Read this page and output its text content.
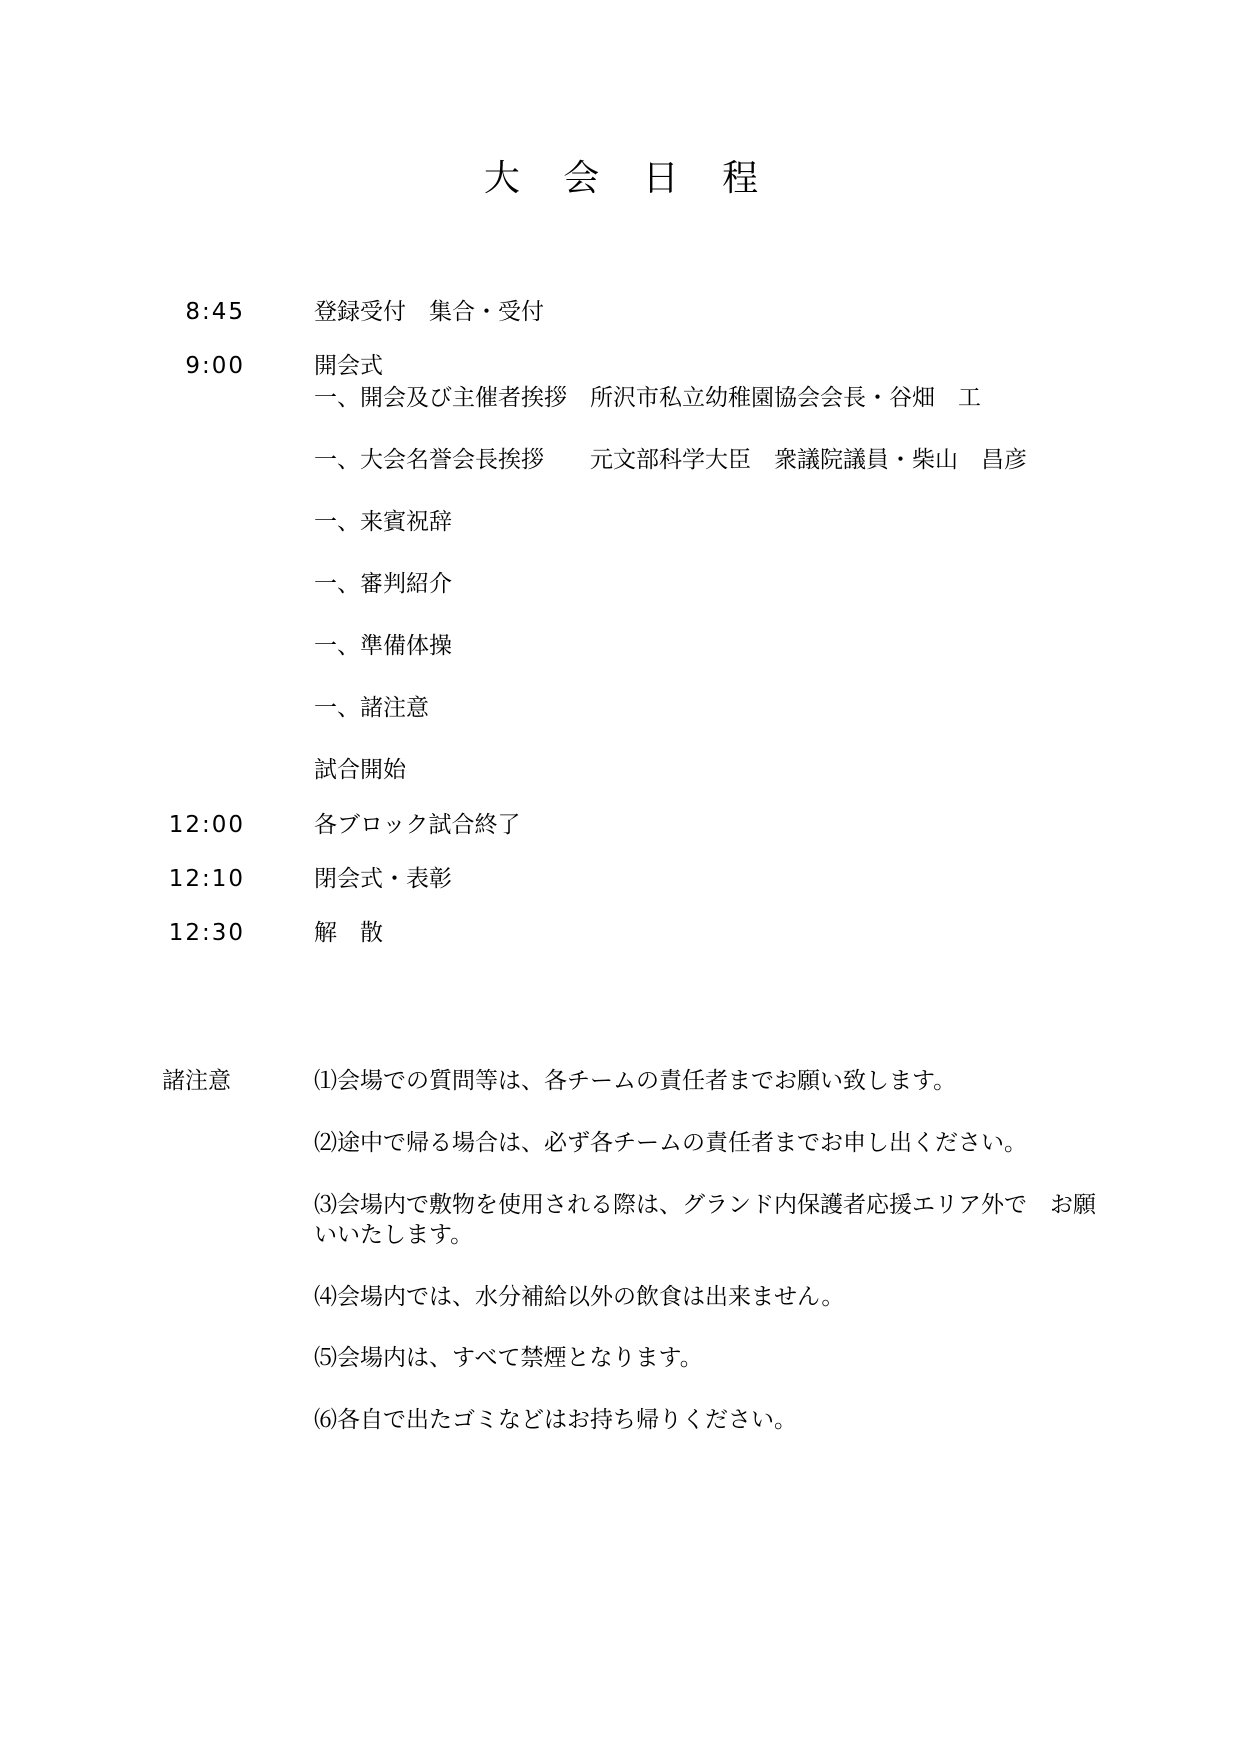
大 会 日 程
8:45	登録受付　集合・受付
9:00	開会式
一、開会及び主催者挨拶　所沢市私立幼稚園協会会長・谷畑　工
一、大会名誉会長挨拶　　元文部科学大臣　衆議院議員・柴山　昌彦
一、来賓祝辞
一、審判紹介
一、準備体操
一、諸注意
試合開始
12:00	各ブロック試合終了
12:10	閉会式・表彰
12:30	解　散
諸注意	⑴会場での質問等は、各チームの責任者までお願い致します。
⑵途中で帰る場合は、必ず各チームの責任者までお申し出ください。
⑶会場内で敷物を使用される際は、グランド内保護者応援エリア外で　お願いいたします。
⑷会場内では、水分補給以外の飲食は出来ません。
⑸会場内は、すべて禁煙となります。
⑹各自で出たゴミなどはお持ち帰りください。
